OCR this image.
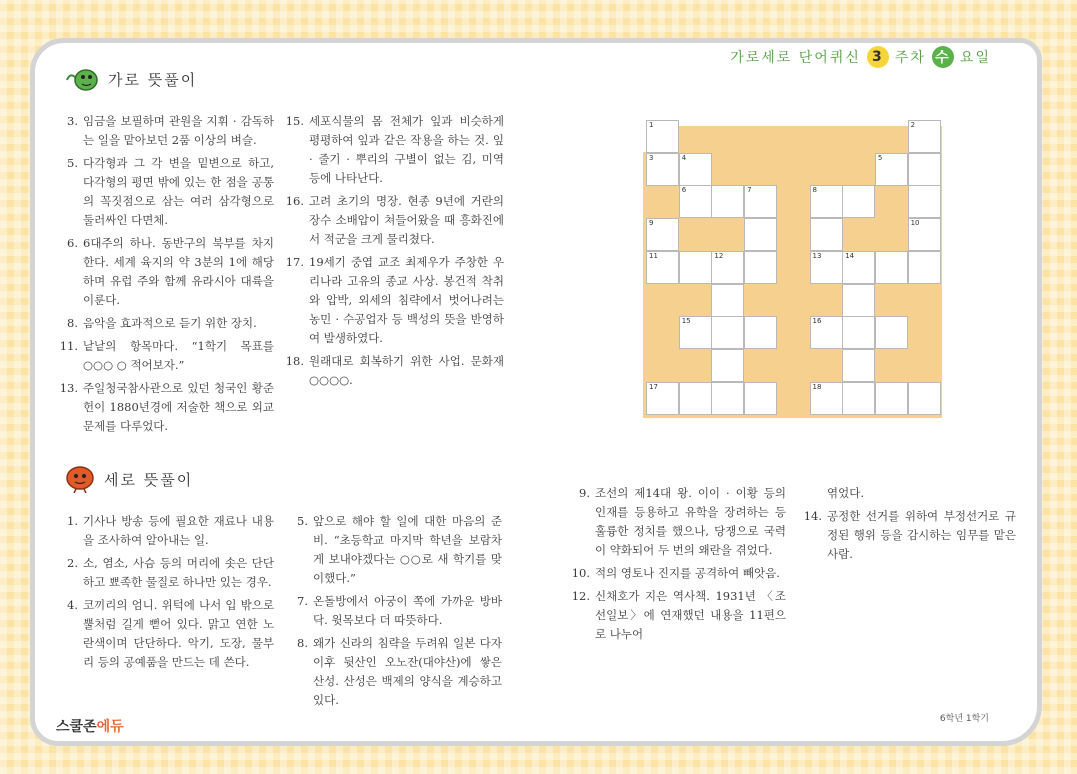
가로세로 단어퀴신 3 주차 수 요일
가로 뜻풀이
3. 임금을 보필하며 관원을 지휘 · 감독하는 일을 맡아보던 2품 이상의 벼슬.
5. 다각형과 그 각 변을 밑변으로 하고, 다각형의 평면 밖에 있는 한 점을 공통의 꼭짓점으로 삼는 여러 삼각형으로 둘러싸인 다면체.
6. 6대주의 하나. 동반구의 북부를 차지한다. 세계 육지의 약 3분의 1에 해당하며 유럽 주와 함께 유라시아 대륙을 이룬다.
8. 음악을 효과적으로 듣기 위한 장치.
11. 낱낱의 항목마다. “1학기 목표를 ○○○ ○ 적어보자.”
13. 주일청국참사관으로 있던 청국인 황준헌이 1880년경에 저술한 책으로 외교문제를 다루었다.
15. 세포식물의 몸 전체가 잎과 비슷하게 평평하여 잎과 같은 작용을 하는 것. 잎 · 줄기 · 뿌리의 구별이 없는 김, 미역 등에 나타난다.
16. 고려 초기의 명장. 현종 9년에 거란의 장수 소배압이 쳐들어왔을 때 흥화진에서 적군을 크게 물리쳤다.
17. 19세기 중엽 교조 최제우가 주창한 우리나라 고유의 종교 사상. 봉건적 착취와 압박, 외세의 침략에서 벗어나려는 농민 · 수공업자 등 백성의 뜻을 반영하여 발생하였다.
18. 원래대로 회복하기 위한 사업. 문화재 ○○○○.
1	2
3	4	5
6	7	8
9	10
11	12	13	14
15	16
17	18
세로 뜻풀이
1. 기사나 방송 등에 필요한 재료나 내용을 조사하여 알아내는 일.
2. 소, 염소, 사슴 등의 머리에 솟은 단단하고 뾰족한 물질로 하나만 있는 경우.
4. 코끼리의 엄니. 위턱에 나서 입 밖으로 뿔처럼 길게 뻗어 있다. 맑고 연한 노란색이며 단단하다. 악기, 도장, 물부리 등의 공예품을 만드는 데 쓴다.
5. 앞으로 해야 할 일에 대한 마음의 준비. “초등학교 마지막 학년을 보람차게 보내야겠다는 ○○로 새 학기를 맞이했다.”
7. 온돌방에서 아궁이 쪽에 가까운 방바닥. 윗목보다 더 따뜻하다.
8. 왜가 신라의 침략을 두려워 일본 다자이후 뒷산인 오노잔(대야산)에 쌓은 산성. 산성은 백제의 양식을 계승하고 있다.
9. 조선의 제14대 왕. 이이 · 이황 등의 인재를 등용하고 유학을 장려하는 등 훌륭한 정치를 했으나, 당쟁으로 국력이 약화되어 두 번의 왜란을 겪었다.
10. 적의 영토나 진지를 공격하여 빼앗음.
12. 신채호가 지은 역사책. 1931년 〈조선일보〉에 연재했던 내용을 11편으로 나누어
엮었다.
14. 공정한 선거를 위하여 부정선거로 규정된 행위 등을 감시하는 임무를 맡은 사람.
스쿨존에듀	6학년 1학기
